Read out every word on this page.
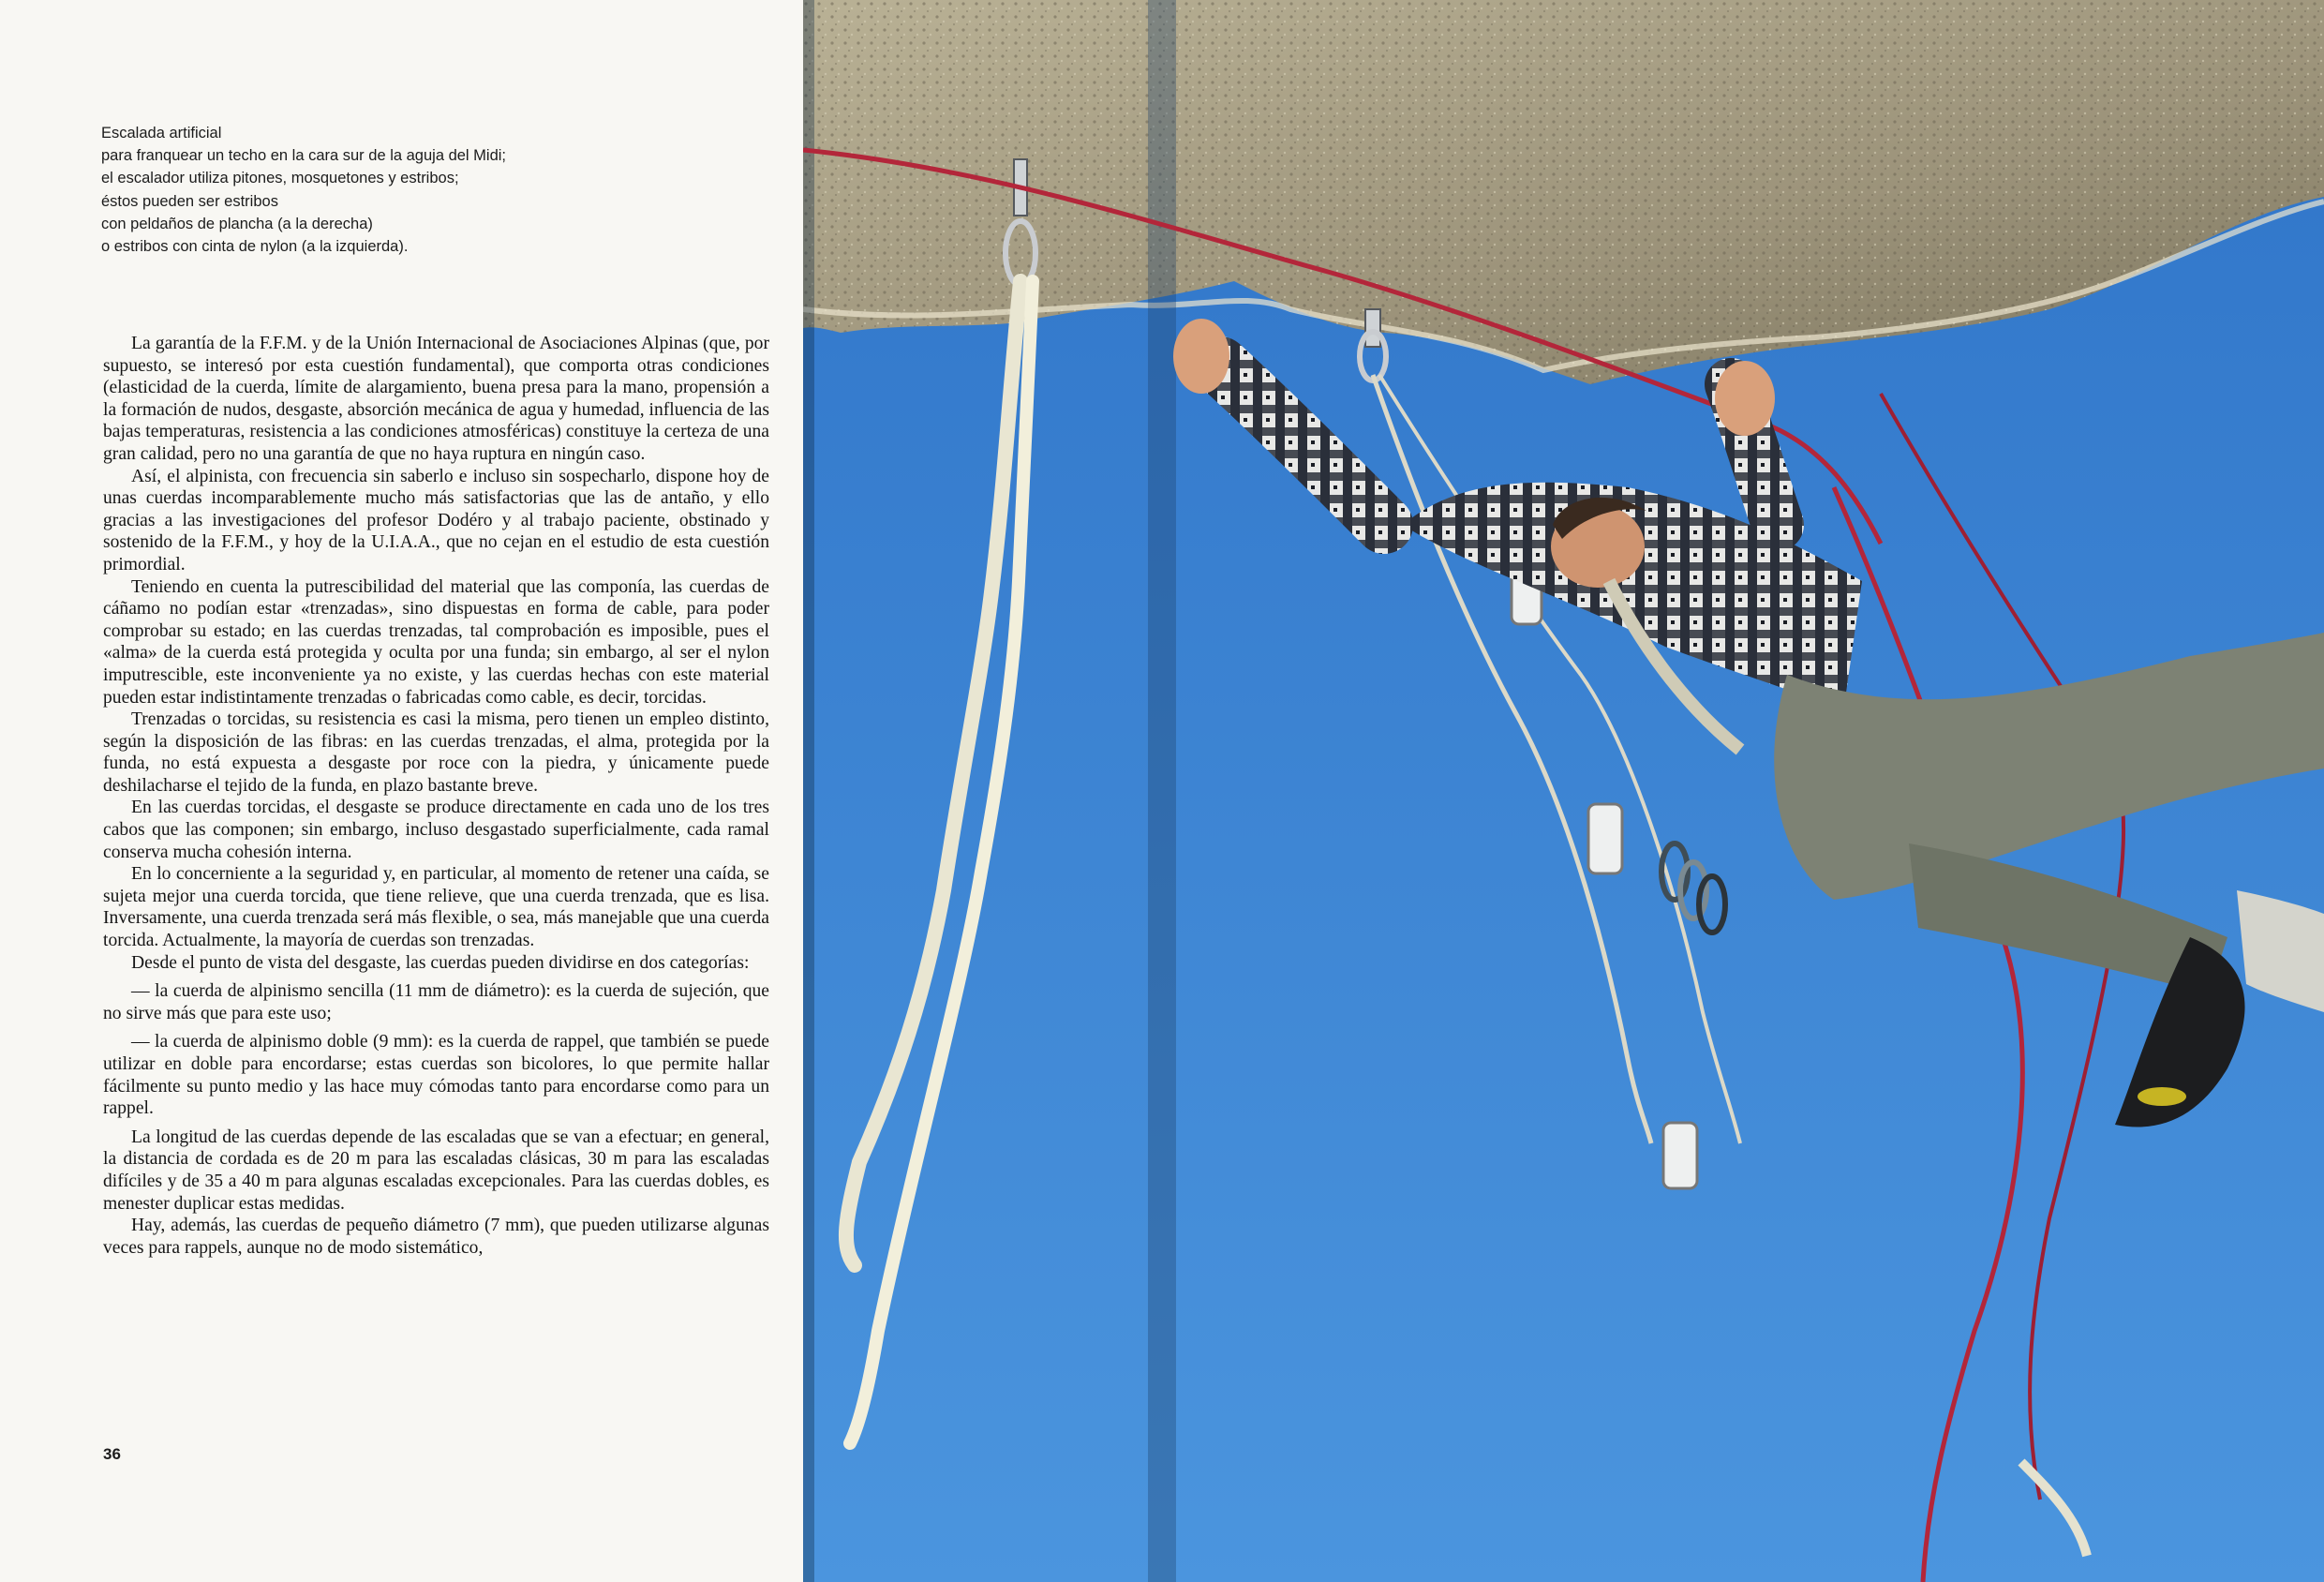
Escalada artificial
para franquear un techo en la cara sur de la aguja del Midi;
el escalador utiliza pitones, mosquetones y estribos;
éstos pueden ser estribos
con peldaños de plancha (a la derecha)
o estribos con cinta de nylon (a la izquierda).

La garantía de la F.F.M. y de la Unión Internacional de Asociaciones Alpinas (que, por supuesto, se interesó por esta cuestión fundamental), que comporta otras condiciones (elasticidad de la cuerda, límite de alargamiento, buena presa para la mano, propensión a la formación de nudos, desgaste, absorción mecánica de agua y humedad, influencia de las bajas temperaturas, resistencia a las condiciones atmosféricas) constituye la certeza de una gran calidad, pero no una garantía de que no haya ruptura en ningún caso.

Así, el alpinista, con frecuencia sin saberlo e incluso sin sospecharlo, dispone hoy de unas cuerdas incomparablemente mucho más satisfactorias que las de antaño, y ello gracias a las investigaciones del profesor Dodéro y al trabajo paciente, obstinado y sostenido de la F.F.M., y hoy de la U.I.A.A., que no cejan en el estudio de esta cuestión primordial.

Teniendo en cuenta la putrescibilidad del material que las componía, las cuerdas de cáñamo no podían estar «trenzadas», sino dispuestas en forma de cable, para poder comprobar su estado; en las cuerdas trenzadas, tal comprobación es imposible, pues el «alma» de la cuerda está protegida y oculta por una funda; sin embargo, al ser el nylon imputrescible, este inconveniente ya no existe, y las cuerdas hechas con este material pueden estar indistintamente trenzadas o fabricadas como cable, es decir, torcidas.

Trenzadas o torcidas, su resistencia es casi la misma, pero tienen un empleo distinto, según la disposición de las fibras: en las cuerdas trenzadas, el alma, protegida por la funda, no está expuesta a desgaste por roce con la piedra, y únicamente puede deshilacharse el tejido de la funda, en plazo bastante breve.

En las cuerdas torcidas, el desgaste se produce directamente en cada uno de los tres cabos que las componen; sin embargo, incluso desgastado superficialmente, cada ramal conserva mucha cohesión interna.

En lo concerniente a la seguridad y, en particular, al momento de retener una caída, se sujeta mejor una cuerda torcida, que tiene relieve, que una cuerda trenzada, que es lisa. Inversamente, una cuerda trenzada será más flexible, o sea, más manejable que una cuerda torcida. Actualmente, la mayoría de cuerdas son trenzadas.

Desde el punto de vista del desgaste, las cuerdas pueden dividirse en dos categorías:

— la cuerda de alpinismo sencilla (11 mm de diámetro): es la cuerda de sujeción, que no sirve más que para este uso;

— la cuerda de alpinismo doble (9 mm): es la cuerda de rappel, que también se puede utilizar en doble para encordarse; estas cuerdas son bicolores, lo que permite hallar fácilmente su punto medio y las hace muy cómodas tanto para encordarse como para un rappel.

La longitud de las cuerdas depende de las escaladas que se van a efectuar; en general, la distancia de cordada es de 20 m para las escaladas clásicas, 30 m para las escaladas difíciles y de 35 a 40 m para algunas escaladas excepcionales. Para las cuerdas dobles, es menester duplicar estas medidas.

Hay, además, las cuerdas de pequeño diámetro (7 mm), que pueden utilizarse algunas veces para rappels, aunque no de modo sistemático,

36
